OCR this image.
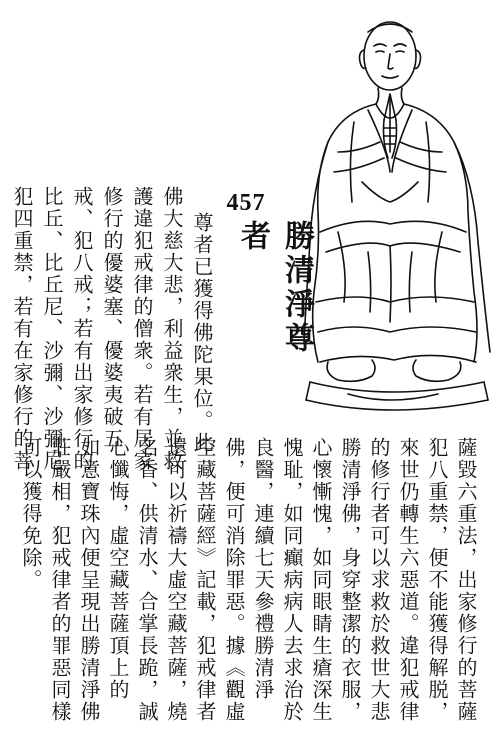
457
勝清淨尊者
尊者已獲得佛陀果位。此
佛大慈大悲，利益衆生，並救
護違犯戒律的僧衆。若有居家
修行的優婆塞、優婆夷破五
戒、犯八戒；若有出家修行的
比丘、比丘尼、沙彌、沙彌尼
犯四重禁，若有在家修行的菩
薩毀六重法，出家修行的菩薩
犯八重禁，便不能獲得解脱，
來世仍轉生六惡道。違犯戒律
的修行者可以求救於救世大悲
勝清淨佛，身穿整潔的衣服，
心懷慚愧，如同眼睛生瘡深生
愧耻，如同癲病病人去求治於
良醫，連續七天參禮勝清淨
佛，便可消除罪惡。據《觀虛
空藏菩薩經》記載，犯戒律者
還可以祈禱大虛空藏菩薩，燒
名香、供清水、合掌長跪，誠
心懺悔，虛空藏菩薩頂上的
如意寶珠內便呈現出勝清淨佛
莊嚴相，犯戒律者的罪惡同樣
可以獲得免除。
